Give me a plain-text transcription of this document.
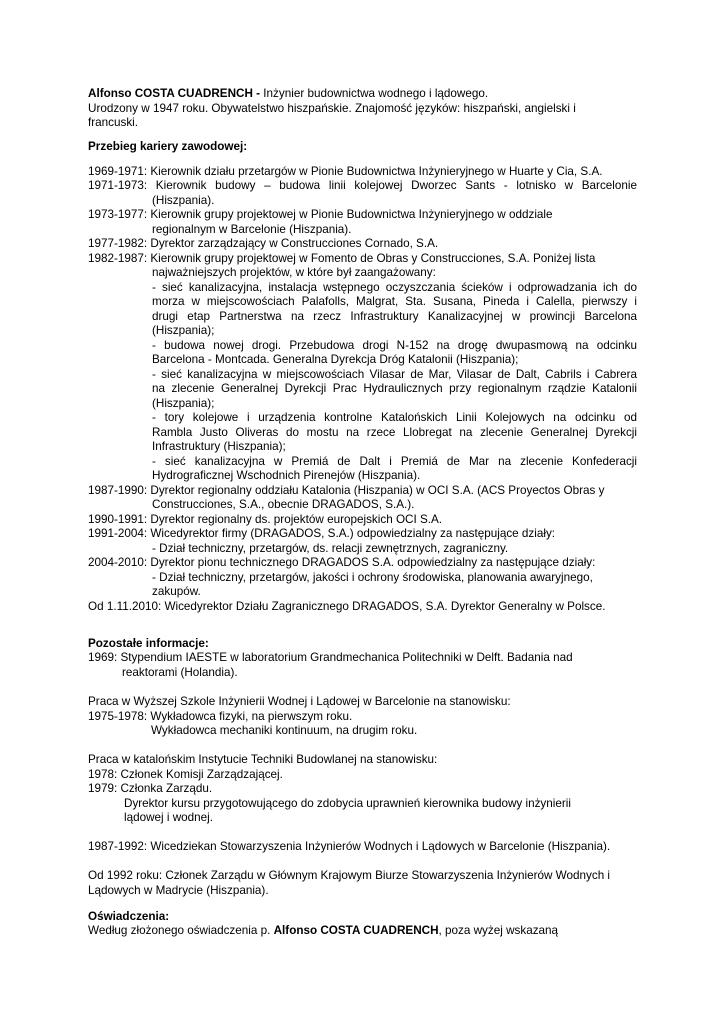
Alfonso COSTA CUADRENCH - Inżynier budownictwa wodnego i lądowego.
Urodzony w 1947 roku. Obywatelstwo hiszpańskie. Znajomość języków: hiszpański, angielski i
francuski.
Przebieg kariery zawodowej:
1969-1971: Kierownik działu przetargów w Pionie Budownictwa Inżynieryjnego w Huarte y Cia, S.A.
1971-1973: Kierownik budowy – budowa linii kolejowej Dworzec Sants - lotnisko w Barcelonie
(Hiszpania).
1973-1977: Kierownik grupy projektowej w Pionie Budownictwa Inżynieryjnego w oddziale
regionalnym w Barcelonie (Hiszpania).
1977-1982: Dyrektor zarządzający w Construcciones Cornado, S.A.
1982-1987: Kierownik grupy projektowej w Fomento de Obras y Construcciones, S.A. Poniżej lista
najważniejszych projektów, w które był zaangażowany:
- sieć kanalizacyjna, instalacja wstępnego oczyszczania ścieków i odprowadzania ich do
morza w miejscowościach Palafolls, Malgrat, Sta. Susana, Pineda i Calella, pierwszy i
drugi etap Partnerstwa na rzecz Infrastruktury Kanalizacyjnej w prowincji Barcelona
(Hiszpania);
- budowa nowej drogi. Przebudowa drogi N-152 na drogę dwupasmową na odcinku
Barcelona - Montcada. Generalna Dyrekcja Dróg Katalonii (Hiszpania);
- sieć kanalizacyjna w miejscowościach Vilasar de Mar, Vilasar de Dalt, Cabrils i Cabrera
na zlecenie Generalnej Dyrekcji Prac Hydraulicznych przy regionalnym rządzie Katalonii
(Hiszpania);
- tory kolejowe i urządzenia kontrolne Katalońskich Linii Kolejowych na odcinku od
Rambla Justo Oliveras do mostu na rzece Llobregat na zlecenie Generalnej Dyrekcji
Infrastruktury (Hiszpania);
- sieć kanalizacyjna w Premiá de Dalt i Premiá de Mar na zlecenie Konfederacji
Hydrograficznej Wschodnich Pirenejów (Hiszpania).
1987-1990: Dyrektor regionalny oddziału Katalonia (Hiszpania) w OCI S.A. (ACS Proyectos Obras y
Construcciones, S.A., obecnie DRAGADOS, S.A.).
1990-1991: Dyrektor regionalny ds. projektów europejskich OCI S.A.
1991-2004: Wicedyrektor firmy (DRAGADOS, S.A.) odpowiedzialny za następujące działy:
- Dział techniczny, przetargów, ds. relacji zewnętrznych, zagraniczny.
2004-2010: Dyrektor pionu technicznego DRAGADOS S.A. odpowiedzialny za następujące działy:
- Dział techniczny, przetargów, jakości i ochrony środowiska, planowania awaryjnego,
zakupów.
Od 1.11.2010: Wicedyrektor Działu Zagranicznego DRAGADOS, S.A. Dyrektor Generalny w Polsce.
Pozostałe informacje:
1969: Stypendium IAESTE w laboratorium Grandmechanica Politechniki w Delft. Badania nad
reaktorami (Holandia).
Praca w Wyższej Szkole Inżynierii Wodnej i Lądowej w Barcelonie na stanowisku:
1975-1978: Wykładowca fizyki, na pierwszym roku.
Wykładowca mechaniki kontinuum, na drugim roku.
Praca w katalońskim Instytucie Techniki Budowlanej na stanowisku:
1978: Członek Komisji Zarządzającej.
1979: Członka Zarządu.
Dyrektor kursu przygotowującego do zdobycia uprawnień kierownika budowy inżynierii
lądowej i wodnej.
1987-1992: Wicedziekan Stowarzyszenia Inżynierów Wodnych i Lądowych w Barcelonie (Hiszpania).
Od 1992 roku: Członek Zarządu w Głównym Krajowym Biurze Stowarzyszenia Inżynierów Wodnych i
Lądowych w Madrycie (Hiszpania).
Oświadczenia:
Według złożonego oświadczenia p. Alfonso COSTA CUADRENCH, poza wyżej wskazaną
